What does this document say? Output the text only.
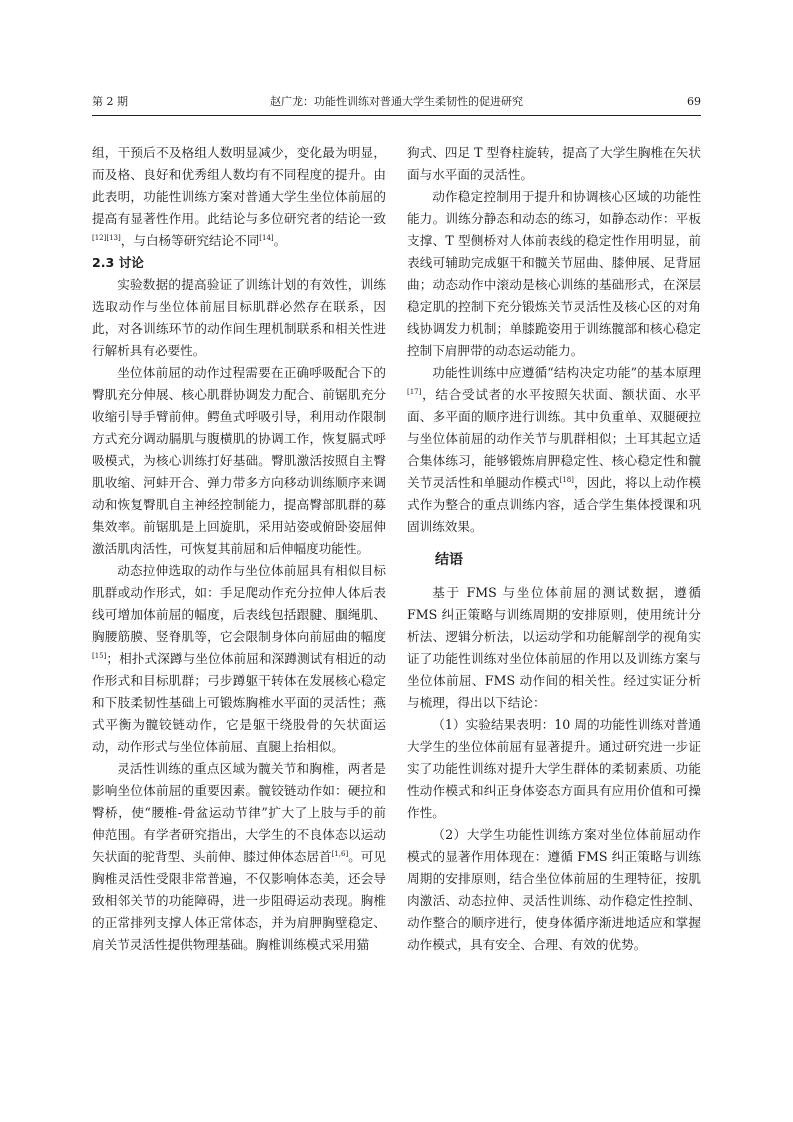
第 2 期	赵广龙：功能性训练对普通大学生柔韧性的促进研究	69

组，干预后不及格组人数明显减少，变化最为明显，而及格、良好和优秀组人数均有不同程度的提升。由此表明，功能性训练方案对普通大学生坐位体前屈的提高有显著性作用。此结论与多位研究者的结论一致[12][13]，与白杨等研究结论不同[14]。

2.3 讨论

实验数据的提高验证了训练计划的有效性，训练选取动作与坐位体前屈目标肌群必然存在联系，因此，对各训练环节的动作间生理机制联系和相关性进行解析具有必要性。

坐位体前屈的动作过程需要在正确呼吸配合下的臀肌充分伸展、核心肌群协调发力配合、前锯肌充分收缩引导手臂前伸。鳄鱼式呼吸引导，利用动作限制方式充分调动膈肌与腹横肌的协调工作，恢复膈式呼吸模式，为核心训练打好基础。臀肌激活按照自主臀肌收缩、河蚌开合、弹力带多方向移动训练顺序来调动和恢复臀肌自主神经控制能力，提高臀部肌群的募集效率。前锯肌是上回旋肌，采用站姿或俯卧姿屈伸激活肌肉活性，可恢复其前屈和后伸幅度功能性。

动态拉伸选取的动作与坐位体前屈具有相似目标肌群或动作形式，如：手足爬动作充分拉伸人体后表线可增加体前屈的幅度，后表线包括跟腱、腘绳肌、胸腰筋膜、竖脊肌等，它会限制身体向前屈曲的幅度[15]；相扑式深蹲与坐位体前屈和深蹲测试有相近的动作形式和目标肌群；弓步蹲躯干转体在发展核心稳定和下肢柔韧性基础上可锻炼胸椎水平面的灵活性；燕式平衡为髋铰链动作，它是躯干绕股骨的矢状面运动，动作形式与坐位体前屈、直腿上抬相似。

灵活性训练的重点区域为髋关节和胸椎，两者是影响坐位体前屈的重要因素。髋铰链动作如：硬拉和臀桥，使“腰椎-骨盆运动节律”扩大了上肢与手的前伸范围。有学者研究指出，大学生的不良体态以运动矢状面的驼背型、头前伸、膝过伸体态居首[1,6]。可见胸椎灵活性受限非常普遍，不仅影响体态美，还会导致相邻关节的功能障碍，进一步阻碍运动表现。胸椎的正常排列支撑人体正常体态，并为肩胛胸壁稳定、肩关节灵活性提供物理基础。胸椎训练模式采用猫

狗式、四足 T 型脊柱旋转，提高了大学生胸椎在矢状面与水平面的灵活性。

动作稳定控制用于提升和协调核心区域的功能性能力。训练分静态和动态的练习，如静态动作：平板支撑、T 型侧桥对人体前表线的稳定性作用明显，前表线可辅助完成躯干和髋关节屈曲、膝伸展、足背屈曲；动态动作中滚动是核心训练的基础形式，在深层稳定肌的控制下充分锻炼关节灵活性及核心区的对角线协调发力机制；单膝跪姿用于训练髋部和核心稳定控制下肩胛带的动态运动能力。

功能性训练中应遵循“结构决定功能”的基本原理[17]，结合受试者的水平按照矢状面、额状面、水平面、多平面的顺序进行训练。其中负重单、双腿硬拉与坐位体前屈的动作关节与肌群相似；土耳其起立适合集体练习，能够锻炼肩胛稳定性、核心稳定性和髋关节灵活性和单腿动作模式[18]，因此，将以上动作模式作为整合的重点训练内容，适合学生集体授课和巩固训练效果。

结语

基于 FMS 与坐位体前屈的测试数据，遵循 FMS 纠正策略与训练周期的安排原则，使用统计分析法、逻辑分析法，以运动学和功能解剖学的视角实证了功能性训练对坐位体前屈的作用以及训练方案与坐位体前屈、FMS 动作间的相关性。经过实证分析与梳理，得出以下结论：

（1）实验结果表明：10 周的功能性训练对普通大学生的坐位体前屈有显著提升。通过研究进一步证实了功能性训练对提升大学生群体的柔韧素质、功能性动作模式和纠正身体姿态方面具有应用价值和可操作性。

（2）大学生功能性训练方案对坐位体前屈动作模式的显著作用体现在：遵循 FMS 纠正策略与训练周期的安排原则，结合坐位体前屈的生理特征，按肌肉激活、动态拉伸、灵活性训练、动作稳定性控制、动作整合的顺序进行，使身体循序渐进地适应和掌握动作模式，具有安全、合理、有效的优势。
